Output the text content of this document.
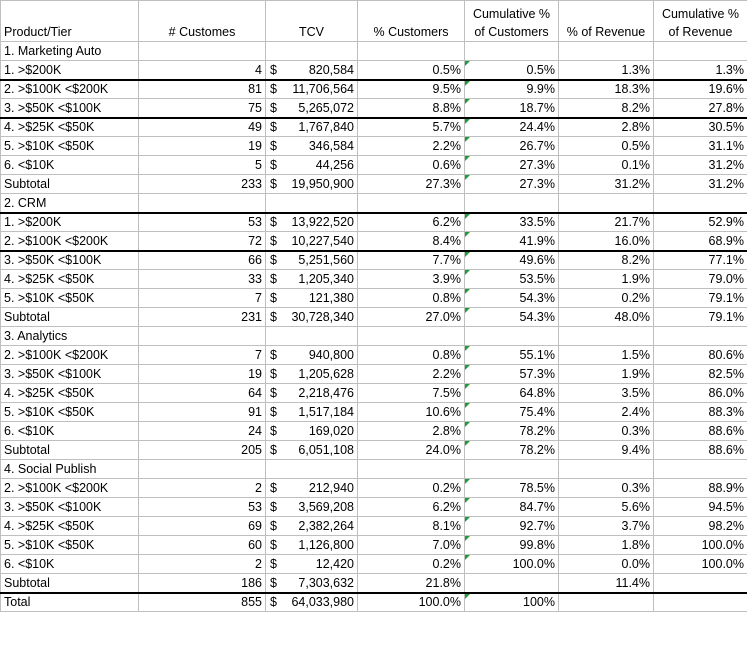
Product/Tier	# Customes	TCV	% Customers	Cumulative %
of Customers	% of Revenue	Cumulative %
of Revenue
1. Marketing Auto						
1. >$200K	4	$ 820,584	0.5%	0.5%	1.3%	1.3%
2. >$100K <$200K	81	$ 11,706,564	9.5%	9.9%	18.3%	19.6%
3. >$50K <$100K	75	$ 5,265,072	8.8%	18.7%	8.2%	27.8%
4. >$25K <$50K	49	$ 1,767,840	5.7%	24.4%	2.8%	30.5%
5. >$10K <$50K	19	$ 346,584	2.2%	26.7%	0.5%	31.1%
6. <$10K	5	$ 44,256	0.6%	27.3%	0.1%	31.2%
Subtotal	233	$ 19,950,900	27.3%	27.3%	31.2%	31.2%
2. CRM						
1. >$200K	53	$ 13,922,520	6.2%	33.5%	21.7%	52.9%
2. >$100K <$200K	72	$ 10,227,540	8.4%	41.9%	16.0%	68.9%
3. >$50K <$100K	66	$ 5,251,560	7.7%	49.6%	8.2%	77.1%
4. >$25K <$50K	33	$ 1,205,340	3.9%	53.5%	1.9%	79.0%
5. >$10K <$50K	7	$ 121,380	0.8%	54.3%	0.2%	79.1%
Subtotal	231	$ 30,728,340	27.0%	54.3%	48.0%	79.1%
3. Analytics						
2. >$100K <$200K	7	$ 940,800	0.8%	55.1%	1.5%	80.6%
3. >$50K <$100K	19	$ 1,205,628	2.2%	57.3%	1.9%	82.5%
4. >$25K <$50K	64	$ 2,218,476	7.5%	64.8%	3.5%	86.0%
5. >$10K <$50K	91	$ 1,517,184	10.6%	75.4%	2.4%	88.3%
6. <$10K	24	$ 169,020	2.8%	78.2%	0.3%	88.6%
Subtotal	205	$ 6,051,108	24.0%	78.2%	9.4%	88.6%
4. Social Publish						
2. >$100K <$200K	2	$ 212,940	0.2%	78.5%	0.3%	88.9%
3. >$50K <$100K	53	$ 3,569,208	6.2%	84.7%	5.6%	94.5%
4. >$25K <$50K	69	$ 2,382,264	8.1%	92.7%	3.7%	98.2%
5. >$10K <$50K	60	$ 1,126,800	7.0%	99.8%	1.8%	100.0%
6. <$10K	2	$ 12,420	0.2%	100.0%	0.0%	100.0%
Subtotal	186	$ 7,303,632	21.8%		11.4%	
Total	855	$ 64,033,980	100.0%	100%		
